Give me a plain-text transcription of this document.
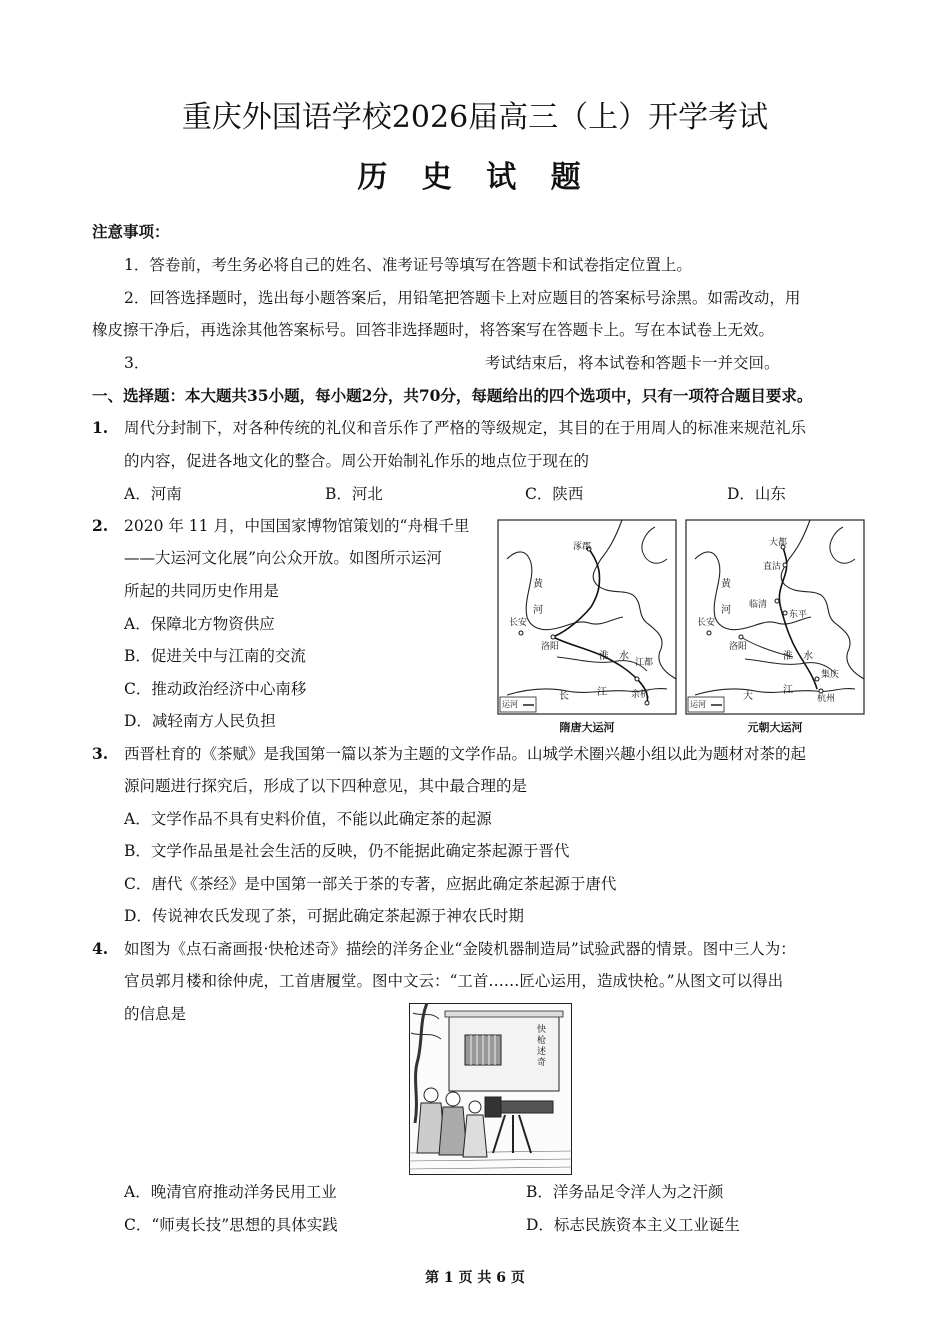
重庆外国语学校2026届高三（上）开学考试
历 史 试 题
注意事项：
1．答卷前，考生务必将自己的姓名、准考证号等填写在答题卡和试卷指定位置上。
2．回答选择题时，选出每小题答案后，用铅笔把答题卡上对应题目的答案标号涂黑。如需改动，用
橡皮擦干净后，再选涂其他答案标号。回答非选择题时，将答案写在答题卡上。写在本试卷上无效。
3．	考试结束后，将本试卷和答题卡一并交回。
一、选择题：本大题共35小题，每小题2分，共70分，每题给出的四个选项中，只有一项符合题目要求。
1. 周代分封制下，对各种传统的礼仪和音乐作了严格的等级规定，其目的在于用周人的标准来规范礼乐
的内容，促进各地文化的整合。周公开始制礼作乐的地点位于现在的
A．河南	B．河北	C．陕西	D．山东
2. 2020 年 11 月，中国国家博物馆策划的“舟楫千里
——大运河文化展”向公众开放。如图所示运河
所起的共同历史作用是
A．保障北方物资供应
B．促进关中与江南的交流
C．推动政治经济中心南移
D．减轻南方人民负担
涿郡
黄
河
长安
洛阳
淮 水
江都
长	江	余杭
运河
隋唐大运河
大都
直沽
黄
河 临清
东平
长安
洛阳
淮 水
集庆
大
江
杭州
运河
元朝大运河
3. 西晋杜育的《茶赋》是我国第一篇以茶为主题的文学作品。山城学术圈兴趣小组以此为题材对茶的起
源问题进行探究后，形成了以下四种意见，其中最合理的是
A．文学作品不具有史料价值，不能以此确定茶的起源
B．文学作品虽是社会生活的反映，仍不能据此确定茶起源于晋代
C．唐代《茶经》是中国第一部关于茶的专著，应据此确定茶起源于唐代
D．传说神农氏发现了茶，可据此确定茶起源于神农氏时期
4. 如图为《点石斋画报·快枪述奇》描绘的洋务企业“金陵机器制造局”试验武器的情景。图中三人为：
官员郭月楼和徐仲虎，工首唐履堂。图中文云：“工首……匠心运用，造成快枪。”从图文可以得出
的信息是
快枪述奇
A．晚清官府推动洋务民用工业	B．洋务品足令洋人为之汗颜
C．“师夷长技”思想的具体实践	D．标志民族资本主义工业诞生
第 1 页 共 6 页
